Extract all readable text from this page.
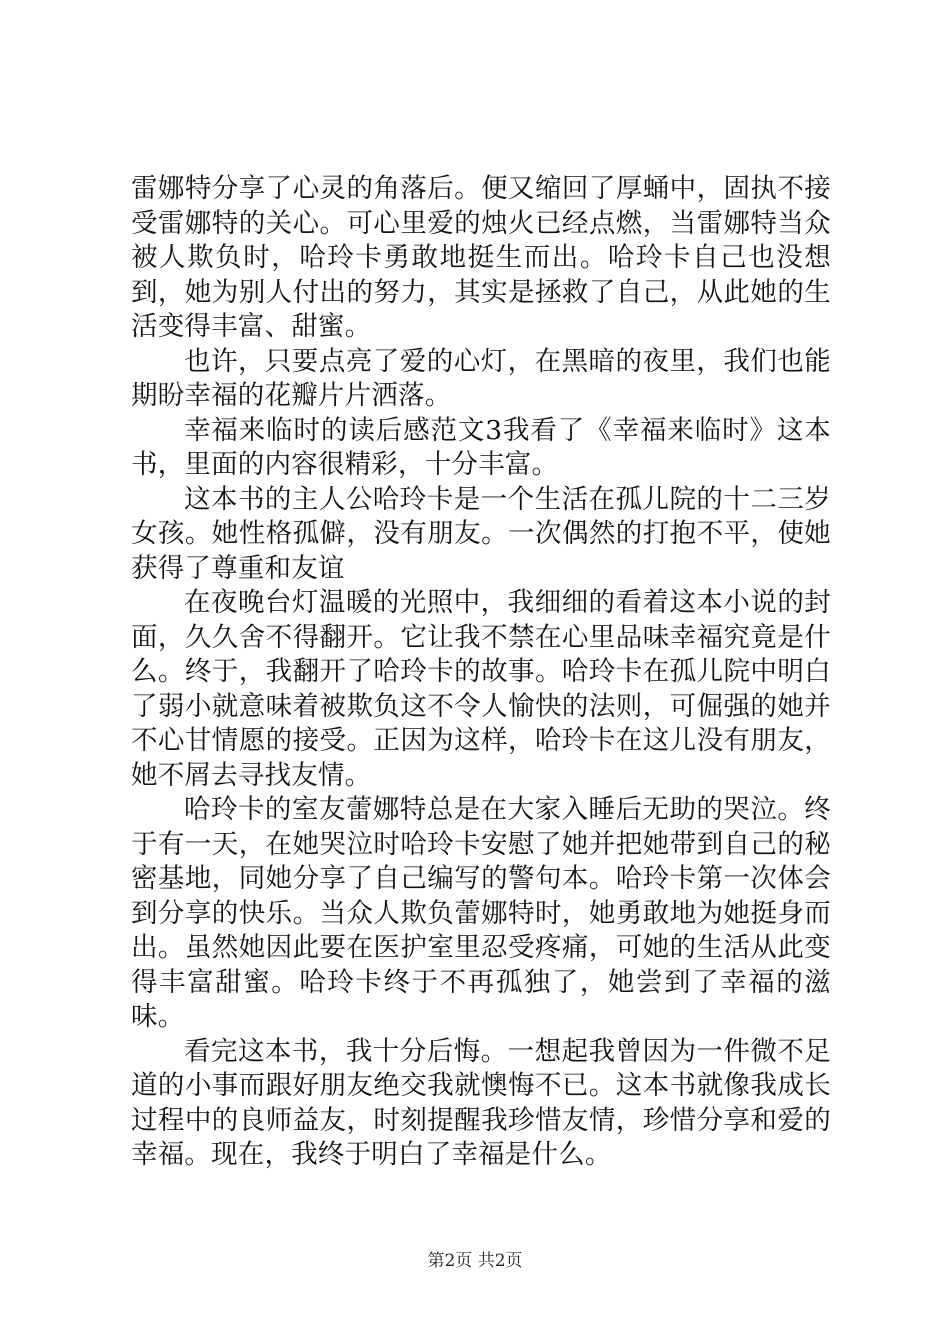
雷娜特分享了心灵的角落后。便又缩回了厚蛹中，固执不接受雷娜特的关心。可心里爱的烛火已经点燃，当雷娜特当众被人欺负时，哈玲卡勇敢地挺生而出。哈玲卡自己也没想到，她为别人付出的努力，其实是拯救了自己，从此她的生活变得丰富、甜蜜。

也许，只要点亮了爱的心灯，在黑暗的夜里，我们也能期盼幸福的花瓣片片洒落。

幸福来临时的读后感范文3我看了《幸福来临时》这本书，里面的内容很精彩，十分丰富。

这本书的主人公哈玲卡是一个生活在孤儿院的十二三岁女孩。她性格孤僻，没有朋友。一次偶然的打抱不平，使她获得了尊重和友谊

在夜晚台灯温暖的光照中，我细细的看着这本小说的封面，久久舍不得翻开。它让我不禁在心里品味幸福究竟是什么。终于，我翻开了哈玲卡的故事。哈玲卡在孤儿院中明白了弱小就意味着被欺负这不令人愉快的法则，可倔强的她并不心甘情愿的接受。正因为这样，哈玲卡在这儿没有朋友，她不屑去寻找友情。

哈玲卡的室友蕾娜特总是在大家入睡后无助的哭泣。终于有一天，在她哭泣时哈玲卡安慰了她并把她带到自己的秘密基地，同她分享了自己编写的警句本。哈玲卡第一次体会到分享的快乐。当众人欺负蕾娜特时，她勇敢地为她挺身而出。虽然她因此要在医护室里忍受疼痛，可她的生活从此变得丰富甜蜜。哈玲卡终于不再孤独了，她尝到了幸福的滋味。

看完这本书，我十分后悔。一想起我曾因为一件微不足道的小事而跟好朋友绝交我就懊悔不已。这本书就像我成长过程中的良师益友，时刻提醒我珍惜友情，珍惜分享和爱的幸福。现在，我终于明白了幸福是什么。

第2页 共2页
